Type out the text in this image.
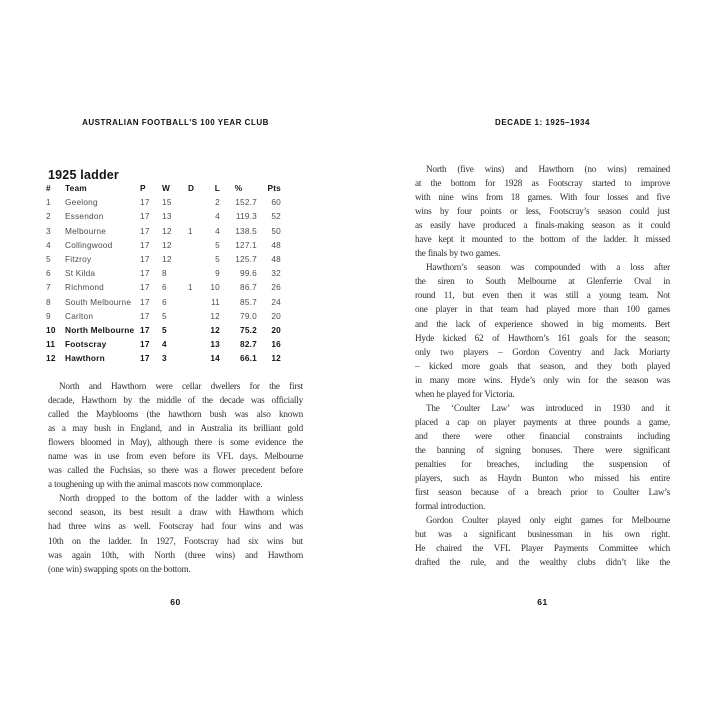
AUSTRALIAN FOOTBALL'S 100 YEAR CLUB
1925 ladder
#	Team	P	W	D	L	%	Pts
1	Geelong	17	15		2	152.7	60
2	Essendon	17	13		4	119.3	52
3	Melbourne	17	12	1	4	138.5	50
4	Collingwood	17	12		5	127.1	48
5	Fitzroy	17	12		5	125.7	48
6	St Kilda	17	8		9	99.6	32
7	Richmond	17	6	1	10	86.7	26
8	South Melbourne	17	6		11	85.7	24
9	Carlton	17	5		12	79.0	20
10	North Melbourne	17	5		12	75.2	20
11	Footscray	17	4		13	82.7	16
12	Hawthorn	17	3		14	66.1	12
North and Hawthorn were cellar dwellers for the first
decade, Hawthorn by the middle of the decade was officially
called the Mayblooms (the hawthorn bush was also known
as a may bush in England, and in Australia its brilliant gold
flowers bloomed in May), although there is some evidence the
name was in use from even before its VFL days. Melbourne
was called the Fuchsias, so there was a flower precedent before
a toughening up with the animal mascots now commonplace.
North dropped to the bottom of the ladder with a winless
second season, its best result a draw with Hawthorn which
had three wins as well. Footscray had four wins and was
10th on the ladder. In 1927, Footscray had six wins but
was again 10th, with North (three wins) and Hawthorn
(one win) swapping spots on the bottom.
60
DECADE 1: 1925–1934
North (five wins) and Hawthorn (no wins) remained
at the bottom for 1928 as Footscray started to improve
with nine wins from 18 games. With four losses and five
wins by four points or less, Footscray’s season could just
as easily have produced a finals-making season as it could
have kept it mounted to the bottom of the ladder. It missed
the finals by two games.
Hawthorn’s season was compounded with a loss after
the siren to South Melbourne at Glenferrie Oval in
round 11, but even then it was still a young team. Not
one player in that team had played more than 100 games
and the lack of experience showed in big moments. Bert
Hyde kicked 62 of Hawthorn’s 161 goals for the season;
only two players – Gordon Coventry and Jack Moriarty
– kicked more goals that season, and they both played
in many more wins. Hyde’s only win for the season was
when he played for Victoria.
The ‘Coulter Law’ was introduced in 1930 and it
placed a cap on player payments at three pounds a game,
and there were other financial constraints including
the banning of signing bonuses. There were significant
penalties for breaches, including the suspension of
players, such as Haydn Bunton who missed his entire
first season because of a breach prior to Coulter Law’s
formal introduction.
Gordon Coulter played only eight games for Melbourne
but was a significant businessman in his own right.
He chaired the VFL Player Payments Committee which
drafted the rule, and the wealthy clubs didn’t like the
61
